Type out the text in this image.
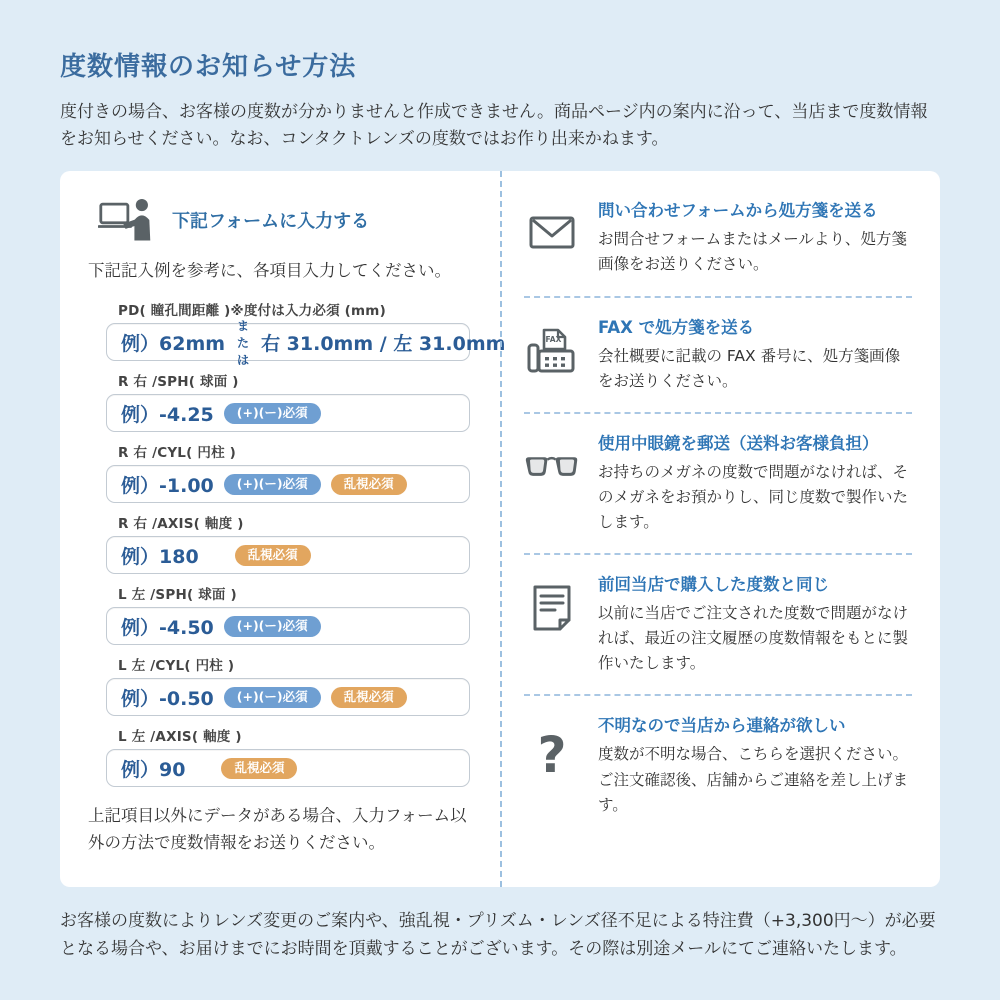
度数情報のお知らせ方法

度付きの場合、お客様の度数が分かりませんと作成できません。商品ページ内の案内に沿って、当店まで度数情報をお知らせください。なお、コンタクトレンズの度数ではお作り出来かねます。

下記フォームに入力する

下記記入例を参考に、各項目入力してください。

PD( 瞳孔間距離 )※度付は入力必須 (mm)
例）62mm
または
右 31.0mm / 左 31.0mm
R 右 /SPH( 球面 )
例）-4.25	(+)(ー)必須
R 右 /CYL( 円柱 )
例）-1.00	(+)(ー)必須	乱視必須
R 右 /AXIS( 軸度 )
例）180	乱視必須
L 左 /SPH( 球面 )
例）-4.50	(+)(ー)必須
L 左 /CYL( 円柱 )
例）-0.50	(+)(ー)必須	乱視必須
L 左 /AXIS( 軸度 )
例）90	乱視必須

上記項目以外にデータがある場合、入力フォーム以外の方法で度数情報をお送りください。

問い合わせフォームから処方箋を送る

お問合せフォームまたはメールより、処方箋画像をお送りください。

FAX

FAX で処方箋を送る

会社概要に記載の FAX 番号に、処方箋画像をお送りください。

使用中眼鏡を郵送（送料お客様負担）

お持ちのメガネの度数で問題がなければ、そのメガネをお預かりし、同じ度数で製作いたします。

前回当店で購入した度数と同じ

以前に当店でご注文された度数で問題がなければ、最近の注文履歴の度数情報をもとに製作いたします。

?

不明なので当店から連絡が欲しい

度数が不明な場合、こちらを選択ください。ご注文確認後、店舗からご連絡を差し上げます。

お客様の度数によりレンズ変更のご案内や、強乱視・プリズム・レンズ径不足による特注費（+3,300円〜）が必要となる場合や、お届けまでにお時間を頂戴することがございます。その際は別途メールにてご連絡いたします。
